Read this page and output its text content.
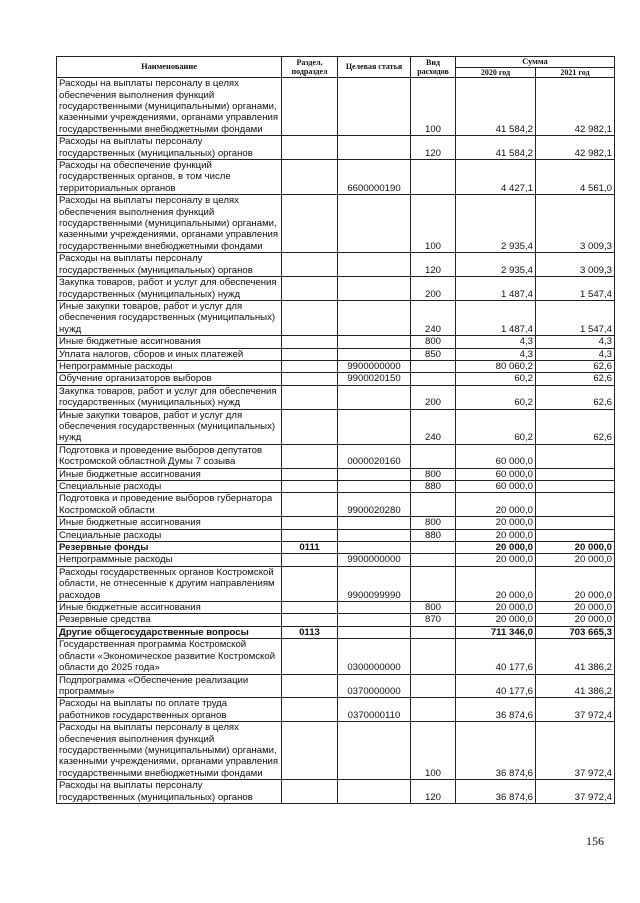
Наименование	Раздел, подраздел	Целевая статья	Вид расходов	Сумма	
				2020 год	2021 год
Расходы на выплаты персоналу в целях обеспечения выполнения функций государственными (муниципальными) органами, казенными учреждениями, органами управления государственными внебюджетными фондами			100	41 584,2	42 982,1
Расходы на выплаты персоналу государственных (муниципальных) органов			120	41 584,2	42 982,1
Расходы на обеспечение функций государственных органов, в том числе территориальных органов		6600000190		4 427,1	4 561,0
Расходы на выплаты персоналу в целях обеспечения выполнения функций государственными (муниципальными) органами, казенными учреждениями, органами управления государственными внебюджетными фондами			100	2 935,4	3 009,3
Расходы на выплаты персоналу государственных (муниципальных) органов			120	2 935,4	3 009,3
Закупка товаров, работ и услуг для обеспечения государственных (муниципальных) нужд			200	1 487,4	1 547,4
Иные закупки товаров, работ и услуг для обеспечения государственных (муниципальных) нужд			240	1 487,4	1 547,4
Иные бюджетные ассигнования			800	4,3	4,3
Уплата налогов, сборов и иных платежей			850	4,3	4,3
Непрограммные расходы		9900000000		80 060,2	62,6
Обучение организаторов выборов		9900020150		60,2	62,6
Закупка товаров, работ и услуг для обеспечения государственных (муниципальных) нужд			200	60,2	62,6
Иные закупки товаров, работ и услуг для обеспечения государственных (муниципальных) нужд			240	60,2	62,6
Подготовка и проведение выборов депутатов Костромской областной Думы 7 созыва		0000020160		60 000,0	
Иные бюджетные ассигнования			800	60 000,0	
Специальные расходы			880	60 000,0	
Подготовка и проведение выборов губернатора Костромской области		9900020280		20 000,0	
Иные бюджетные ассигнования			800	20 000,0	
Специальные расходы			880	20 000,0	
Резервные фонды	0111			20 000,0	20 000,0
Непрограммные расходы		9900000000		20 000,0	20 000,0
Расходы государственных органов Костромской области, не отнесенные к другим направлениям расходов		9900099990		20 000,0	20 000,0
Иные бюджетные ассигнования			800	20 000,0	20 000,0
Резервные средства			870	20 000,0	20 000,0
Другие общегосударственные вопросы	0113			711 346,0	703 665,3
Государственная программа Костромской области «Экономическое развитие Костромской области до 2025 года»		0300000000		40 177,6	41 386,2
Подпрограмма «Обеспечение реализации программы»		0370000000		40 177,6	41 386,2
Расходы на выплаты по оплате труда работников государственных органов		0370000110		36 874,6	37 972,4
Расходы на выплаты персоналу в целях обеспечения выполнения функций государственными (муниципальными) органами, казенными учреждениями, органами управления государственными внебюджетными фондами			100	36 874,6	37 972,4
Расходы на выплаты персоналу государственных (муниципальных) органов			120	36 874,6	37 972,4
156
